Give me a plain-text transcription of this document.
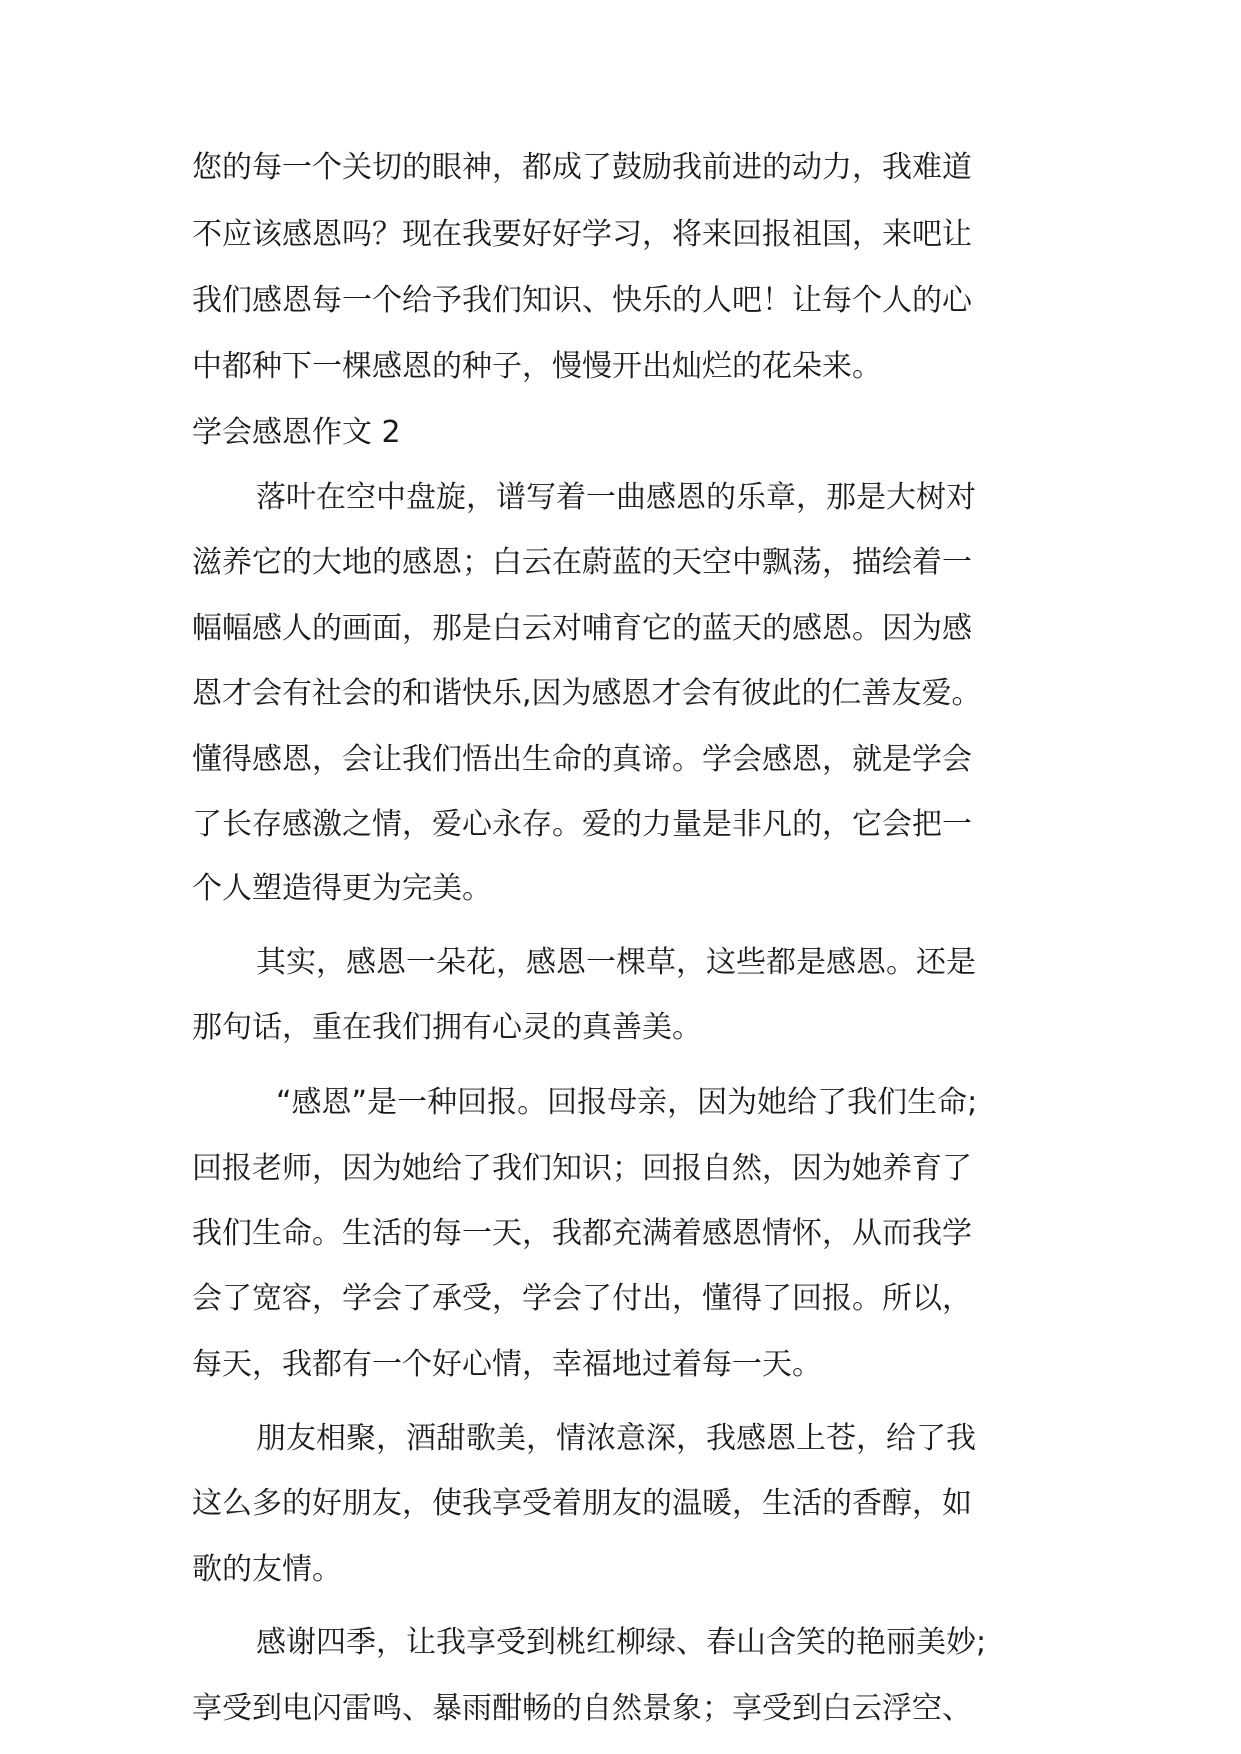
您的每一个关切的眼神，都成了鼓励我前进的动力，我难道
不应该感恩吗？现在我要好好学习，将来回报祖国，来吧让
我们感恩每一个给予我们知识、快乐的人吧！让每个人的心
中都种下一棵感恩的种子，慢慢开出灿烂的花朵来。
学会感恩作文 2
落叶在空中盘旋，谱写着一曲感恩的乐章，那是大树对
滋养它的大地的感恩；白云在蔚蓝的天空中飘荡，描绘着一
幅幅感人的画面，那是白云对哺育它的蓝天的感恩。因为感
恩才会有社会的和谐快乐,因为感恩才会有彼此的仁善友爱。
懂得感恩，会让我们悟出生命的真谛。学会感恩，就是学会
了长存感激之情，爱心永存。爱的力量是非凡的，它会把一
个人塑造得更为完美。
其实，感恩一朵花，感恩一棵草，这些都是感恩。还是
那句话，重在我们拥有心灵的真善美。
“感恩”是一种回报。回报母亲，因为她给了我们生命;
回报老师，因为她给了我们知识；回报自然，因为她养育了
我们生命。生活的每一天，我都充满着感恩情怀，从而我学
会了宽容，学会了承受，学会了付出，懂得了回报。所以，
每天，我都有一个好心情，幸福地过着每一天。
朋友相聚，酒甜歌美，情浓意深，我感恩上苍，给了我
这么多的好朋友，使我享受着朋友的温暖，生活的香醇，如
歌的友情。
感谢四季，让我享受到桃红柳绿、春山含笑的艳丽美妙;
享受到电闪雷鸣、暴雨酣畅的自然景象；享受到白云浮空、
